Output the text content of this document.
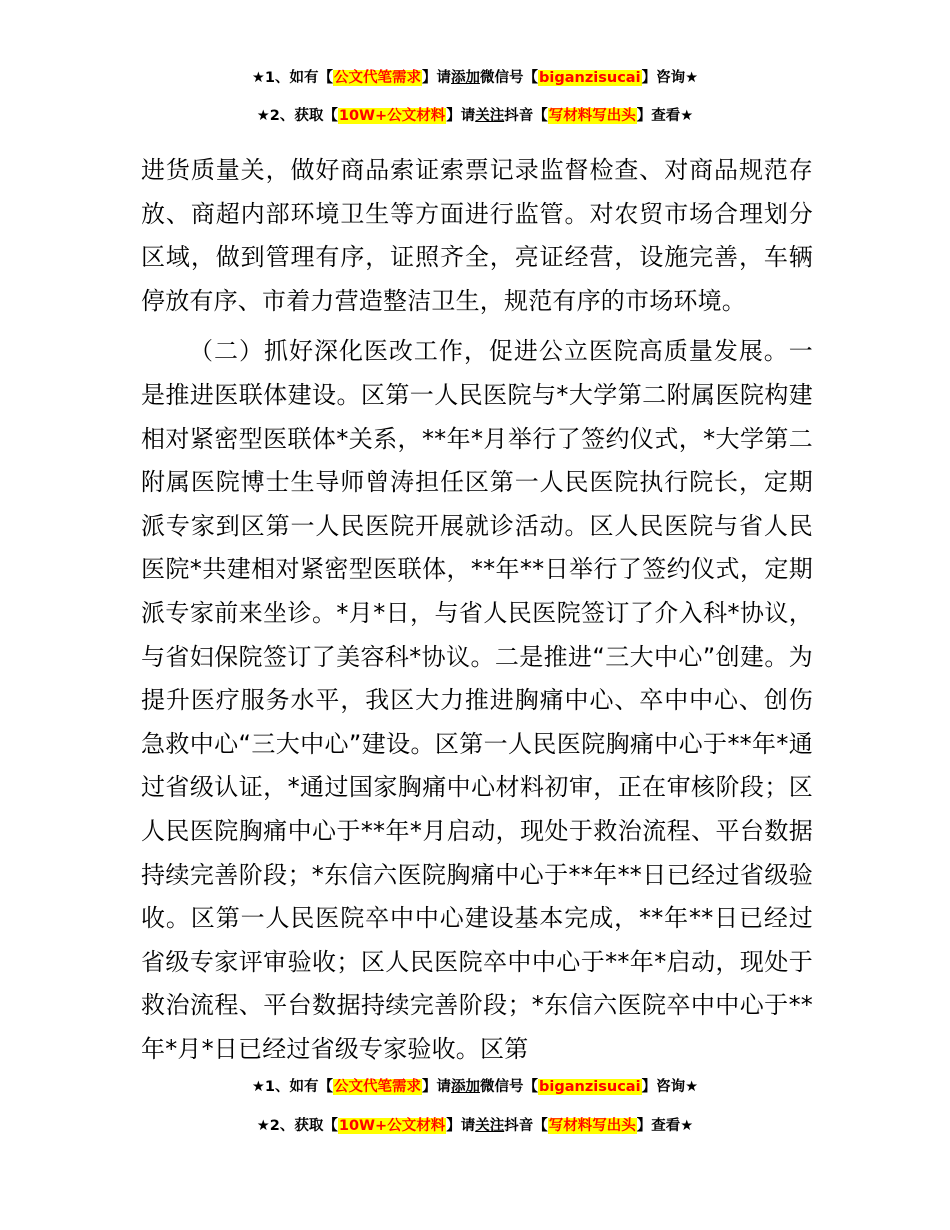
★1、如有【公文代笔需求】请添加微信号【biganzisucai】咨询★
★2、获取【10W+公文材料】请关注抖音【写材料写出头】查看★

进货质量关，做好商品索证索票记录监督检查、对商品规范存放、商超内部环境卫生等方面进行监管。对农贸市场合理划分区域，做到管理有序，证照齐全，亮证经营，设施完善，车辆停放有序、市着力营造整洁卫生，规范有序的市场环境。

（二）抓好深化医改工作，促进公立医院高质量发展。一是推进医联体建设。区第一人民医院与*大学第二附属医院构建相对紧密型医联体*关系，**年*月举行了签约仪式，*大学第二附属医院博士生导师曾涛担任区第一人民医院执行院长，定期派专家到区第一人民医院开展就诊活动。区人民医院与省人民医院*共建相对紧密型医联体，**年**日举行了签约仪式，定期派专家前来坐诊。*月*日，与省人民医院签订了介入科*协议，与省妇保院签订了美容科*协议。二是推进“三大中心”创建。为提升医疗服务水平，我区大力推进胸痛中心、卒中中心、创伤急救中心“三大中心”建设。区第一人民医院胸痛中心于**年*通过省级认证，*通过国家胸痛中心材料初审，正在审核阶段；区人民医院胸痛中心于**年*月启动，现处于救治流程、平台数据持续完善阶段；*东信六医院胸痛中心于**年**日已经过省级验收。区第一人民医院卒中中心建设基本完成，**年**日已经过省级专家评审验收；区人民医院卒中中心于**年*启动，现处于救治流程、平台数据持续完善阶段；*东信六医院卒中中心于**年*月*日已经过省级专家验收。区第

★1、如有【公文代笔需求】请添加微信号【biganzisucai】咨询★
★2、获取【10W+公文材料】请关注抖音【写材料写出头】查看★
